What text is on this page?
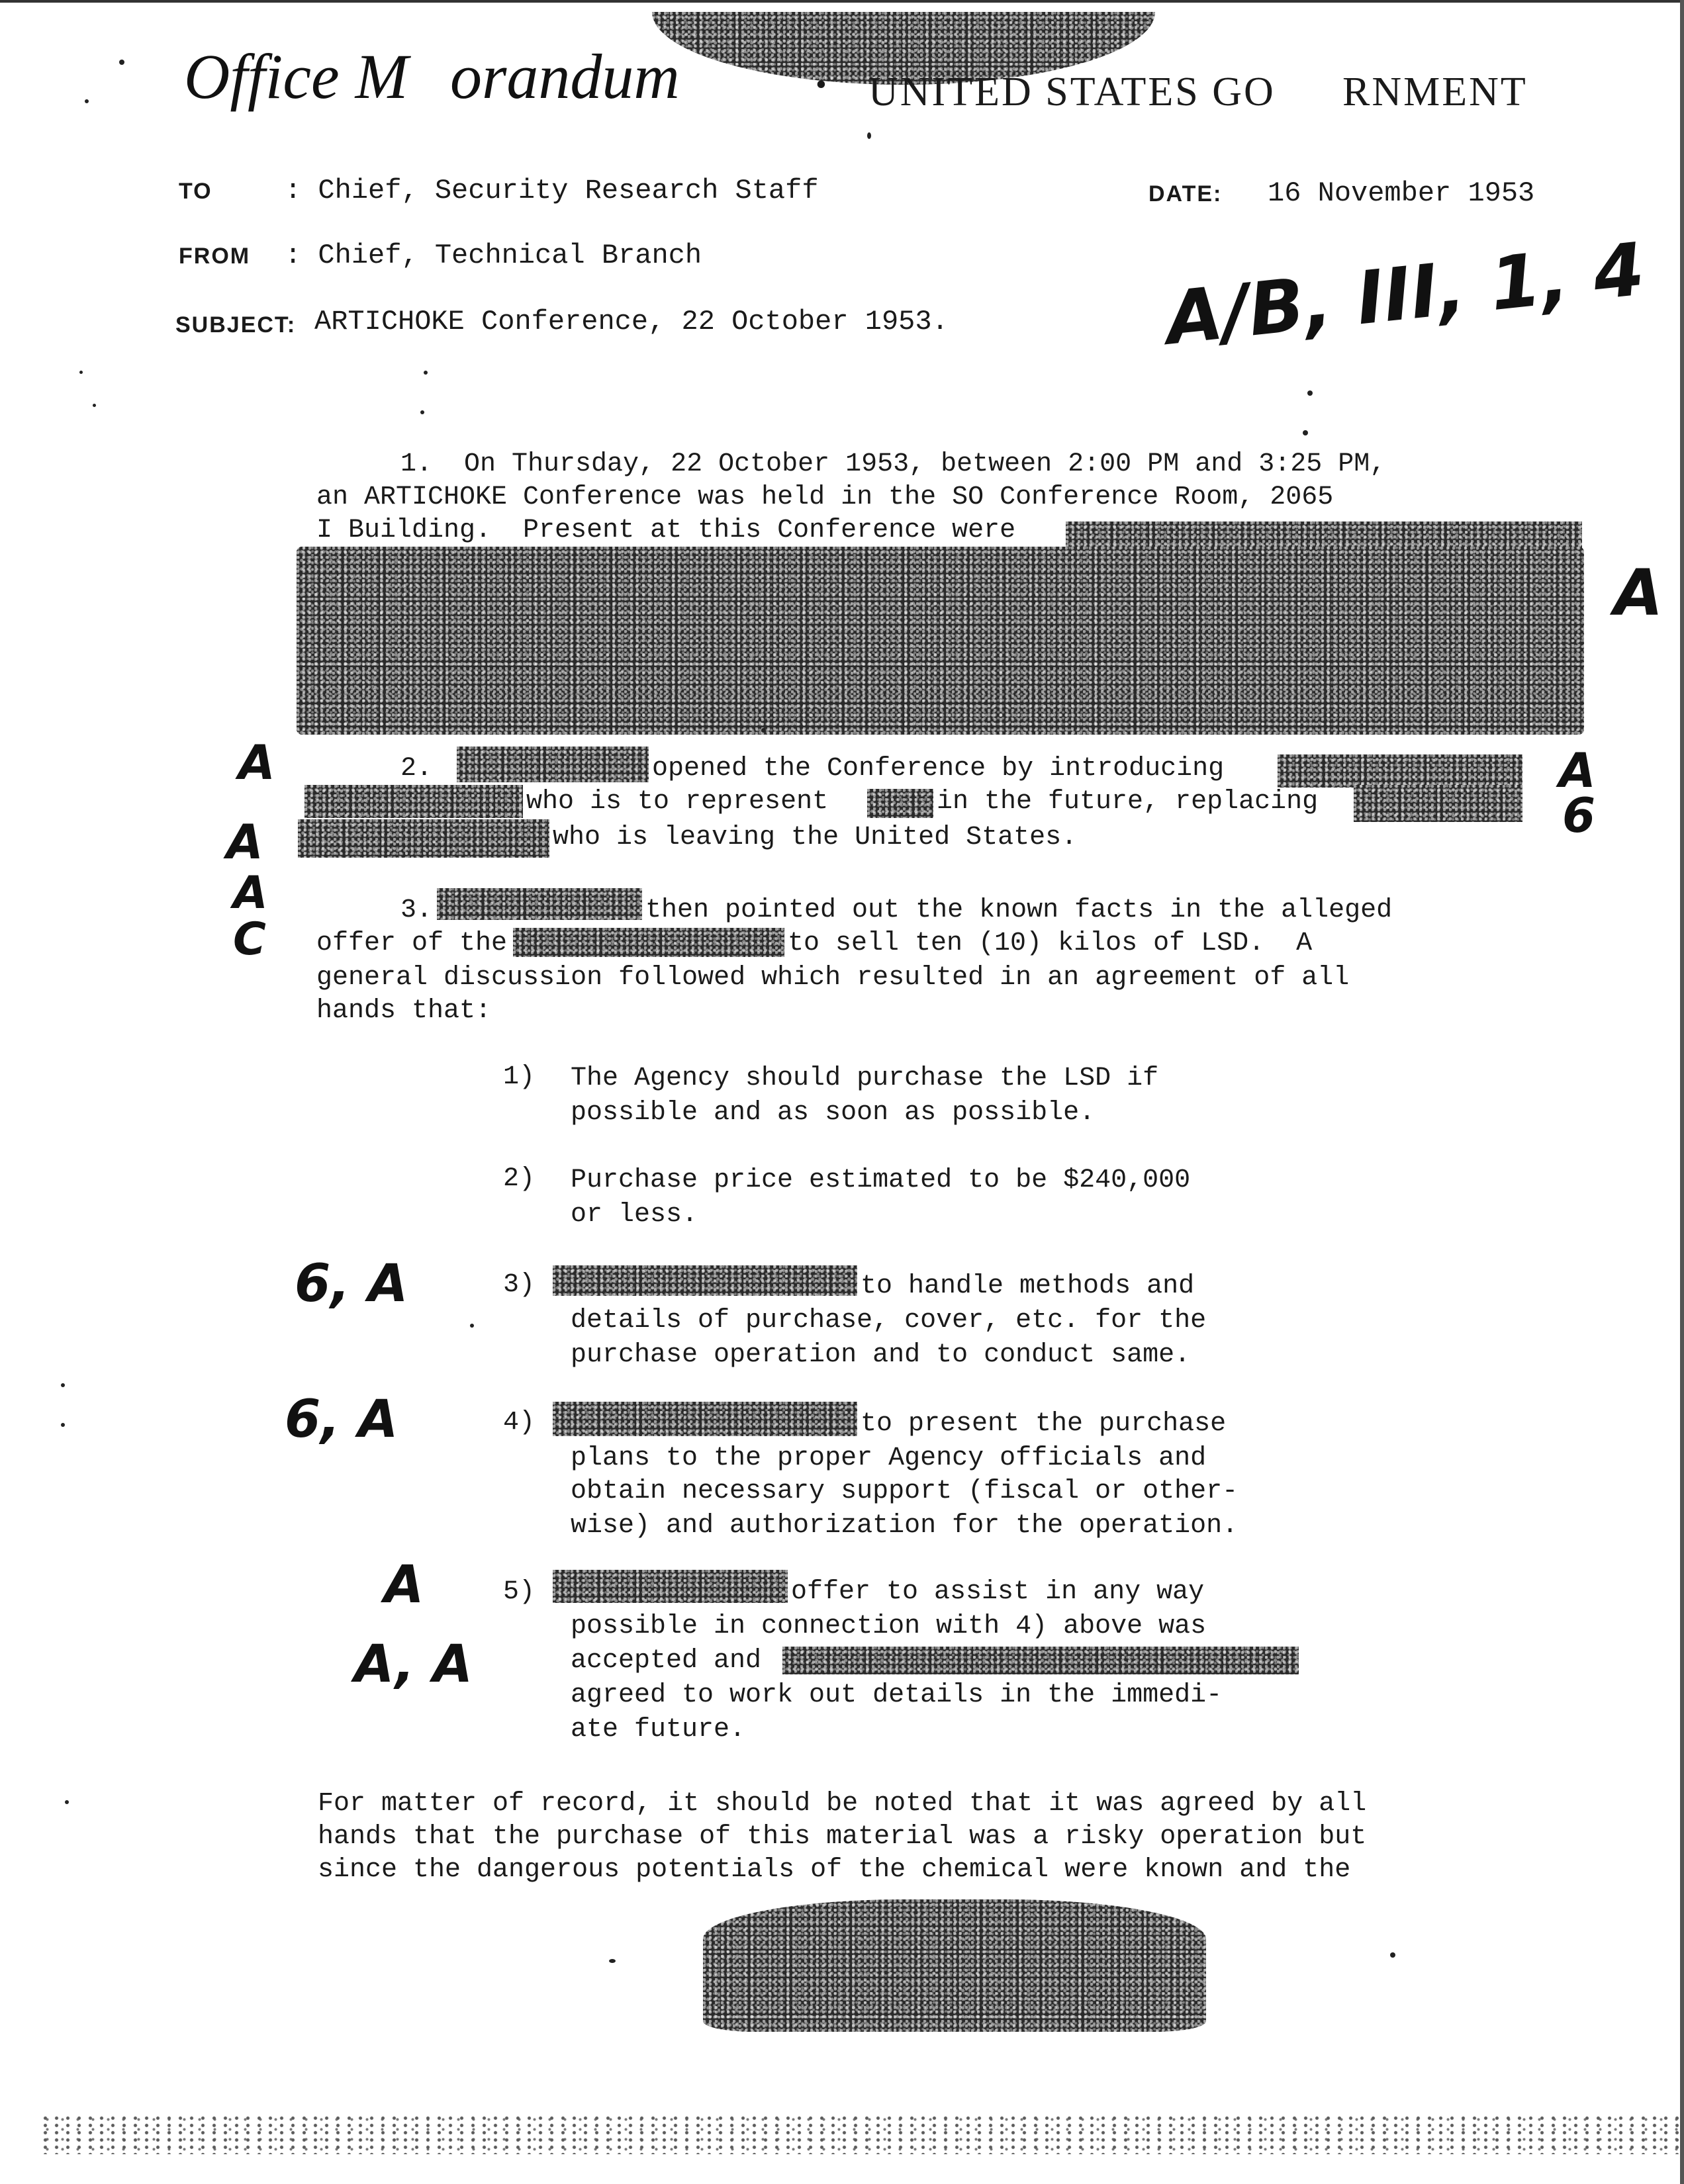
Office M orandum	• UNITED STATES GO RNMENT
TO	: Chief, Security Research Staff	DATE: 16 November 1953
FROM : Chief, Technical Branch
SUBJECT: ARTICHOKE Conference, 22 October 1953.	A/B, III, 1, 4
1.  On Thursday, 22 October 1953, between 2:00 PM and 3:25 PM,
an ARTICHOKE Conference was held in the SO Conference Room, 2065
I Building.  Present at this Conference were
A
A	2.	opened the Conference by introducing	A
who is to represent	in the future, replacing	6
A	who is leaving the United States.
A
C
3.	then pointed out the known facts in the alleged
offer of the	to sell ten (10) kilos of LSD.  A
general discussion followed which resulted in an agreement of all
hands that:
1) The Agency should purchase the LSD if
possible and as soon as possible.
2) Purchase price estimated to be $240,000
or less.
6, A	3)	to handle methods and
details of purchase, cover, etc. for the
purchase operation and to conduct same.
6, A	4)	to present the purchase
plans to the proper Agency officials and
obtain necessary support (fiscal or other-
wise) and authorization for the operation.
A
A, A
5)	offer to assist in any way
possible in connection with 4) above was
accepted and
agreed to work out details in the immedi-
ate future.
For matter of record, it should be noted that it was agreed by all
hands that the purchase of this material was a risky operation but
since the dangerous potentials of the chemical were known and the
